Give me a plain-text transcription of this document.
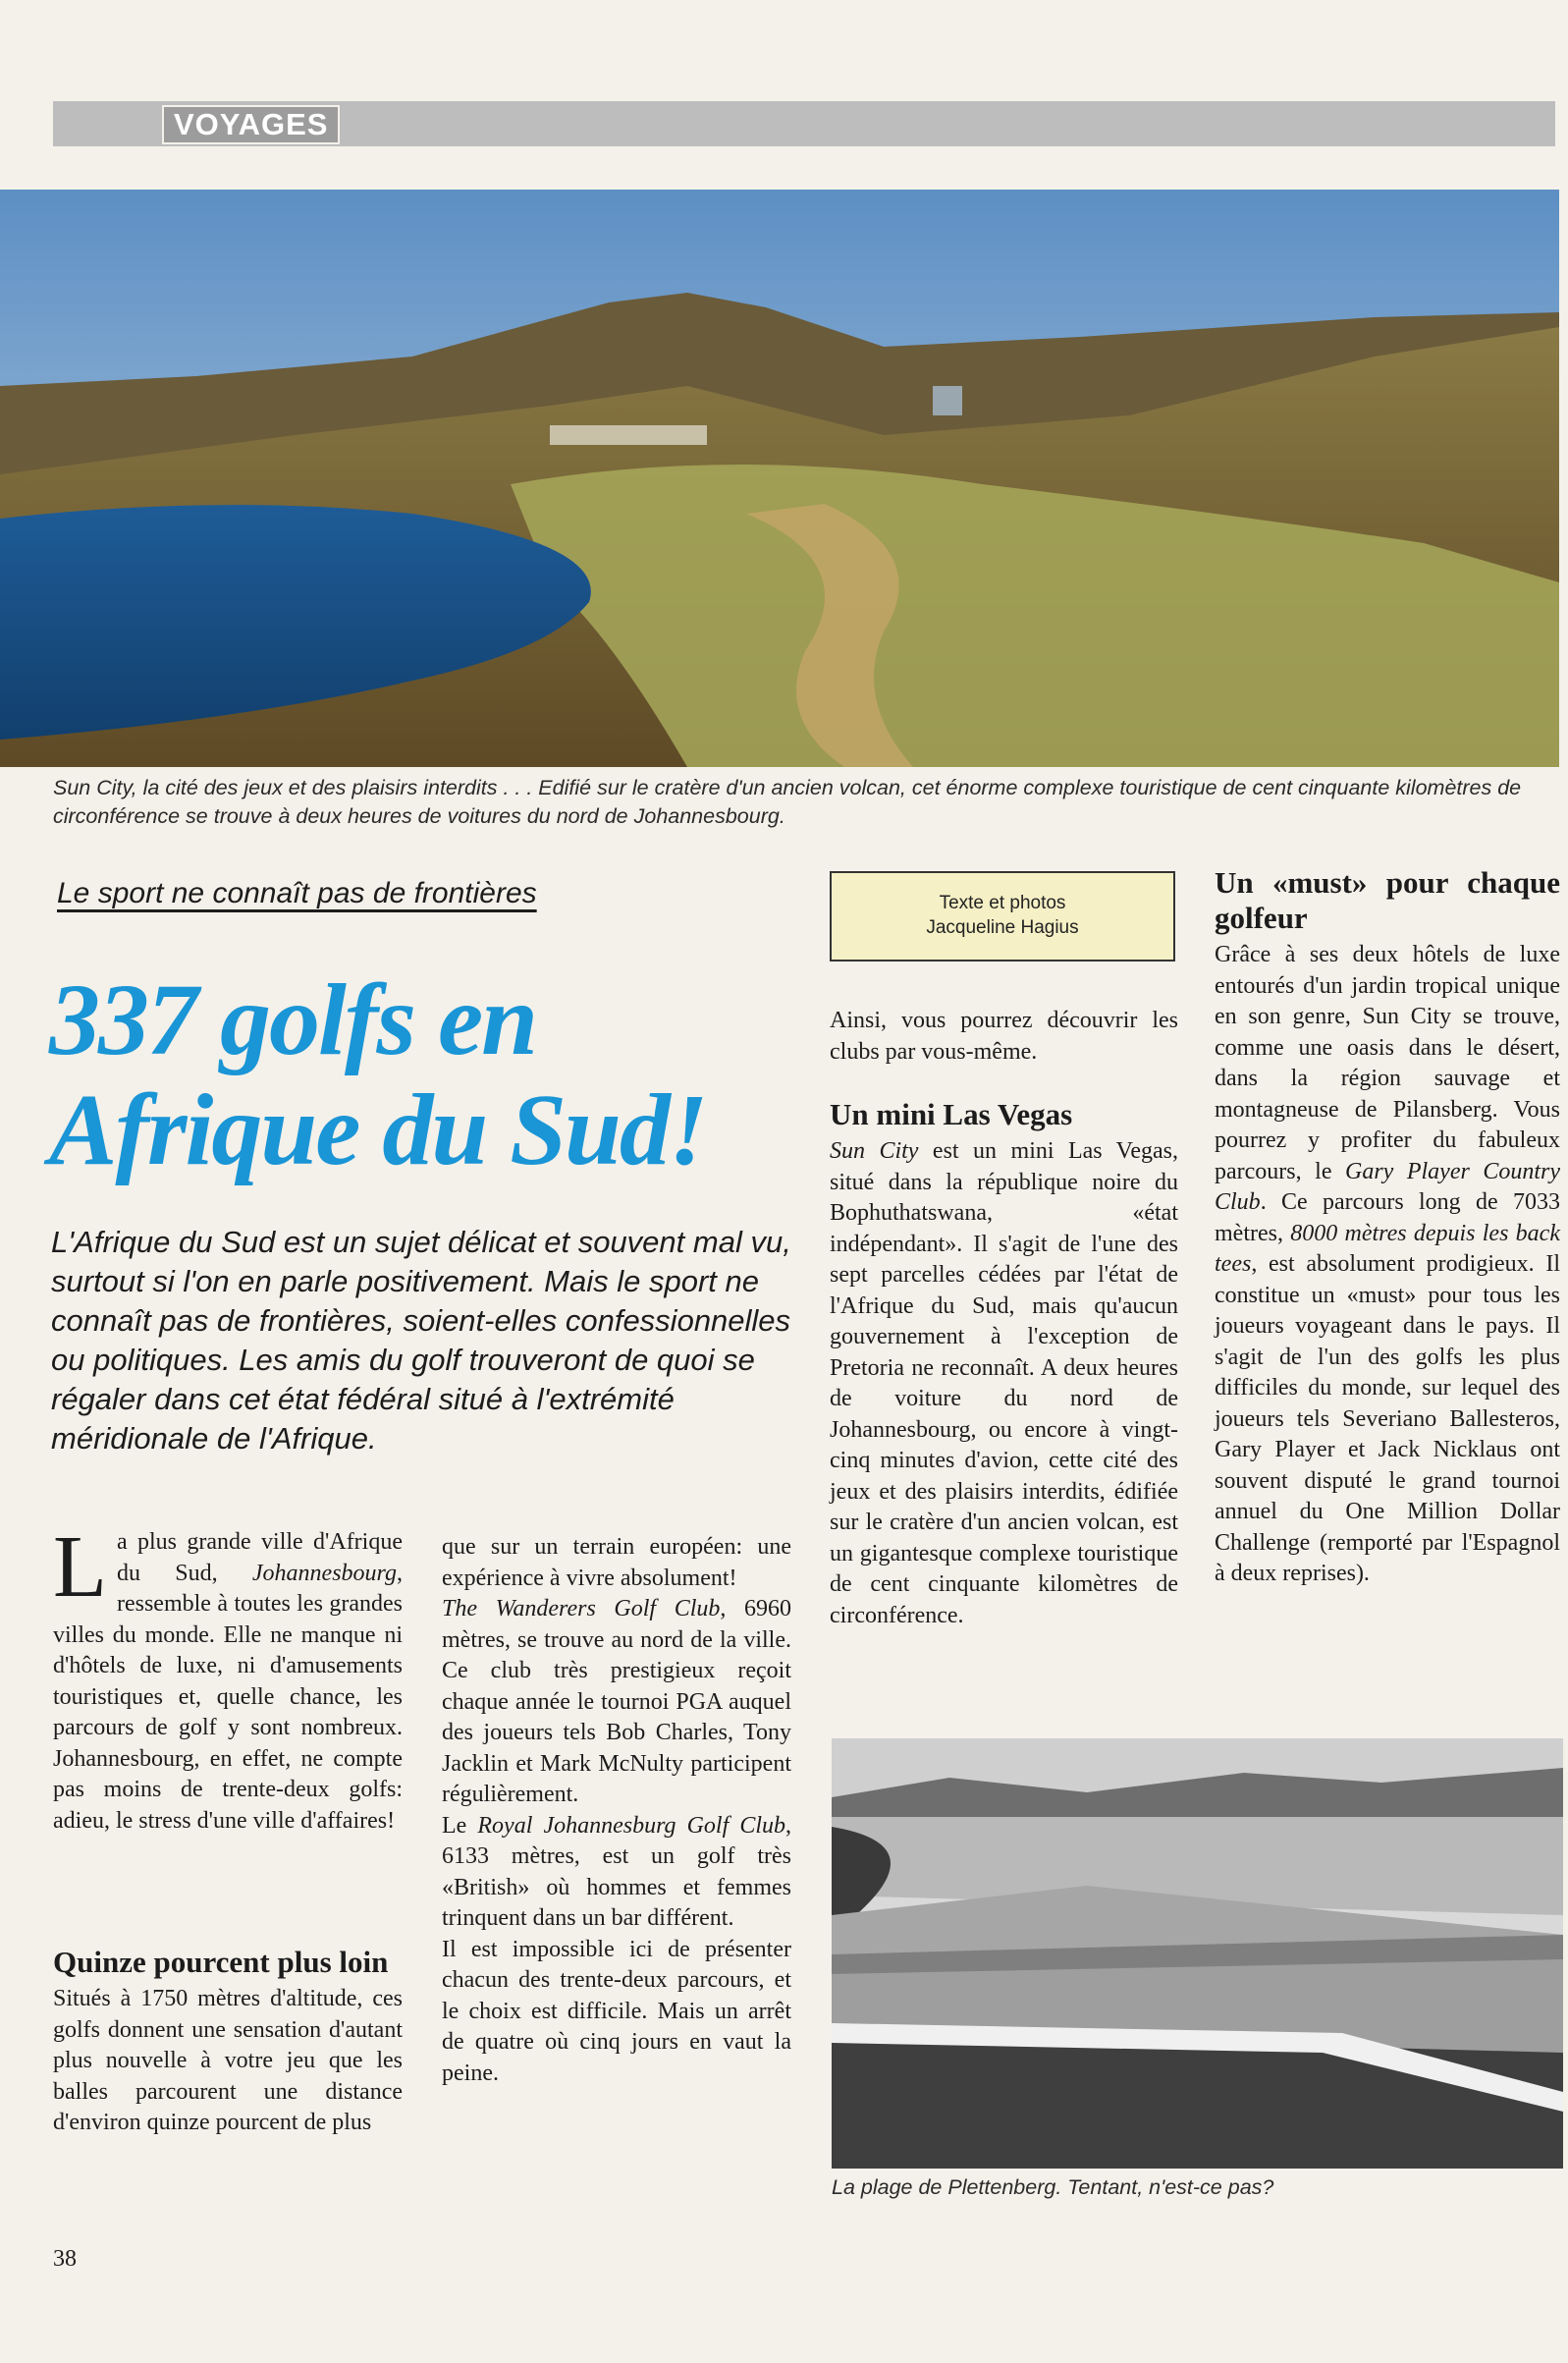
VOYAGES
Sun City, la cité des jeux et des plaisirs interdits . . . Edifié sur le cratère d'un ancien volcan, cet énorme complexe touristique de cent cinquante kilomètres de circonférence se trouve à deux heures de voitures du nord de Johannesbourg.
Le sport ne connaît pas de frontières
337 golfs en
Afrique du Sud!
L'Afrique du Sud est un sujet délicat et souvent mal vu, surtout si l'on en parle positivement. Mais le sport ne connaît pas de frontières, soient-elles confessionnelles ou politiques. Les amis du golf trouveront de quoi se régaler dans cet état fédéral situé à l'extrémité méridionale de l'Afrique.

La plus grande ville d'Afrique du Sud, Johannesbourg, ressemble à toutes les grandes villes du monde. Elle ne manque ni d'hôtels de luxe, ni d'amusements touristiques et, quelle chance, les parcours de golf y sont nombreux. Johannesbourg, en effet, ne compte pas moins de trente-deux golfs: adieu, le stress d'une ville d'affaires!

Quinze pourcent plus loin

Situés à 1750 mètres d'altitude, ces golfs donnent une sensation d'autant plus nouvelle à votre jeu que les balles parcourent une distance d'environ quinze pourcent de plus

que sur un terrain européen: une expérience à vivre absolument!

The Wanderers Golf Club, 6960 mètres, se trouve au nord de la ville. Ce club très prestigieux reçoit chaque année le tournoi PGA auquel des joueurs tels Bob Charles, Tony Jacklin et Mark McNulty participent régulièrement.

Le Royal Johannesburg Golf Club, 6133 mètres, est un golf très «British» où hommes et femmes trinquent dans un bar différent.

Il est impossible ici de présenter chacun des trente-deux parcours, et le choix est difficile. Mais un arrêt de quatre où cinq jours en vaut la peine.

Texte et photos
Jacqueline Hagius

Ainsi, vous pourrez découvrir les clubs par vous-même.

Un mini Las Vegas

Sun City est un mini Las Vegas, situé dans la république noire du Bophuthatswana, «état indépendant». Il s'agit de l'une des sept parcelles cédées par l'état de l'Afrique du Sud, mais qu'aucun gouvernement à l'exception de Pretoria ne reconnaît. A deux heures de voiture du nord de Johannesbourg, ou encore à vingt-cinq minutes d'avion, cette cité des jeux et des plaisirs interdits, édifiée sur le cratère d'un ancien volcan, est un gigantesque complexe touristique de cent cinquante kilomètres de circonférence.

Un «must» pour chaque golfeur

Grâce à ses deux hôtels de luxe entourés d'un jardin tropical unique en son genre, Sun City se trouve, comme une oasis dans le désert, dans la région sauvage et montagneuse de Pilansberg. Vous pourrez y profiter du fabuleux parcours, le Gary Player Country Club. Ce parcours long de 7033 mètres, 8000 mètres depuis les back tees, est absolument prodigieux. Il constitue un «must» pour tous les joueurs voyageant dans le pays. Il s'agit de l'un des golfs les plus difficiles du monde, sur lequel des joueurs tels Severiano Ballesteros, Gary Player et Jack Nicklaus ont souvent disputé le grand tournoi annuel du One Million Dollar Challenge (remporté par l'Espagnol à deux reprises).

La plage de Plettenberg. Tentant, n'est-ce pas?
38
